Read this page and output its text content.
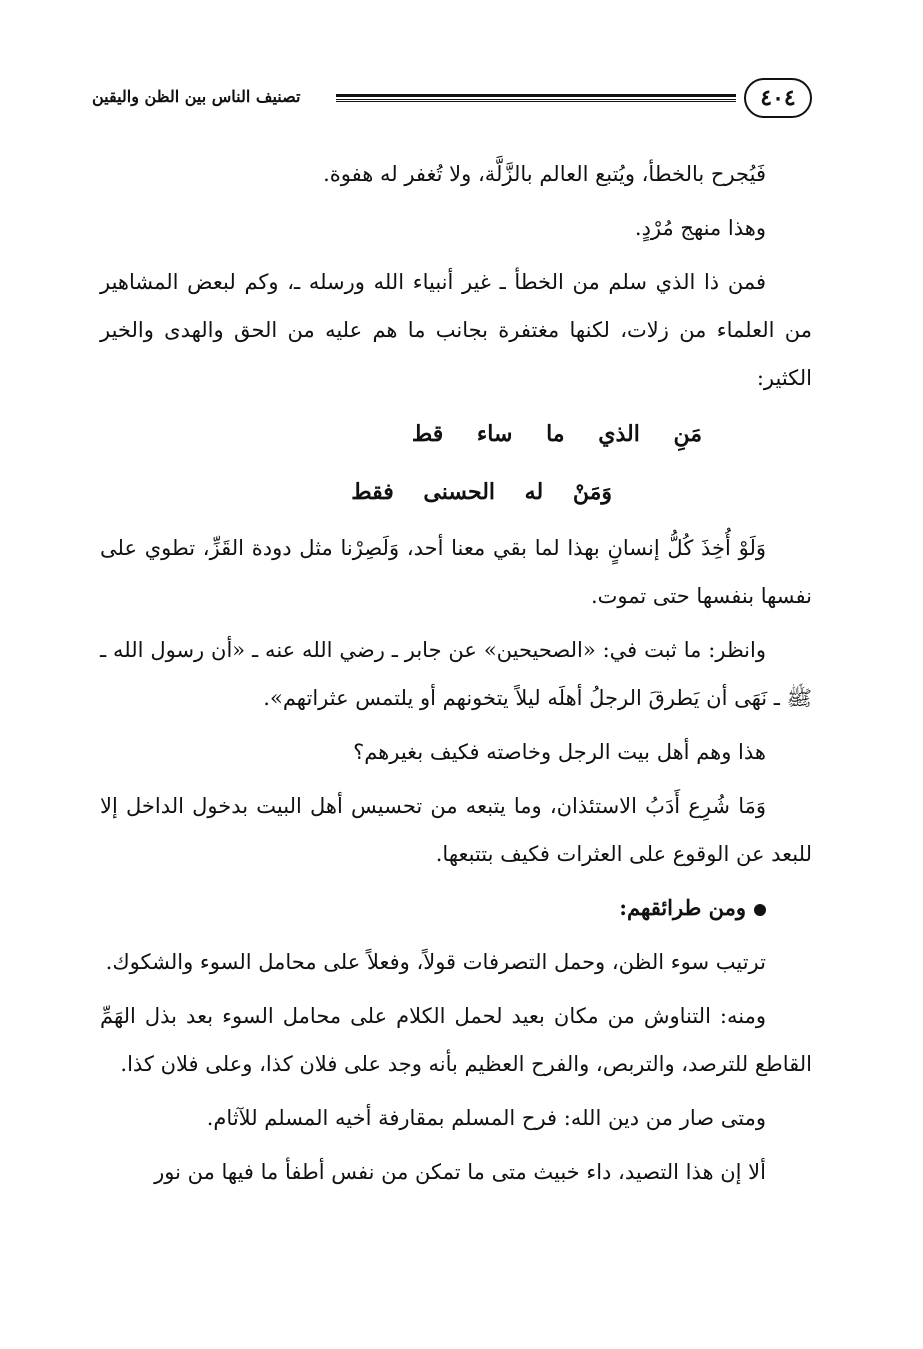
٤٠٤
تصنيف الناس بين الظن واليقين

فَيُجرح بالخطأ، ويُتبع العالم بالزَّلَّة، ولا تُغفر له هفوة.

وهذا منهج مُرْدٍ.

فمن ذا الذي سلم من الخطأ ـ غير أنبياء الله ورسله ـ، وكم لبعض المشاهير من العلماء من زلات، لكنها مغتفرة بجانب ما هم عليه من الحق والهدى والخير الكثير:

مَنِ الذي ما ساء قط

وَمَنْ له الحسنى فقط

وَلَوْ أُخِذَ كُلُّ إنسانٍ بهذا لما بقي معنا أحد، وَلَصِرْنا مثل دودة القَزِّ، تطوي على نفسها بنفسها حتى تموت.

وانظر: ما ثبت في: «الصحيحين» عن جابر ـ رضي الله عنه ـ «أن رسول الله ـ ﷺ ـ نَهَى أن يَطرقَ الرجلُ أهلَه ليلاً يتخونهم أو يلتمس عثراتهم».

هذا وهم أهل بيت الرجل وخاصته فكيف بغيرهم؟

وَمَا شُرِع أَدَبُ الاستئذان، وما يتبعه من تحسيس أهل البيت بدخول الداخل إلا للبعد عن الوقوع على العثرات فكيف بتتبعها.

ومن طرائقهم:

ترتيب سوء الظن، وحمل التصرفات قولاً، وفعلاً على محامل السوء والشكوك.

ومنه: التناوش من مكان بعيد لحمل الكلام على محامل السوء بعد بذل الهَمِّ القاطع للترصد، والتربص، والفرح العظيم بأنه وجد على فلان كذا، وعلى فلان كذا.

ومتى صار من دين الله: فرح المسلم بمقارفة أخيه المسلم للآثام.

ألا إن هذا التصيد، داء خبيث متى ما تمكن من نفس أطفأ ما فيها من نور
